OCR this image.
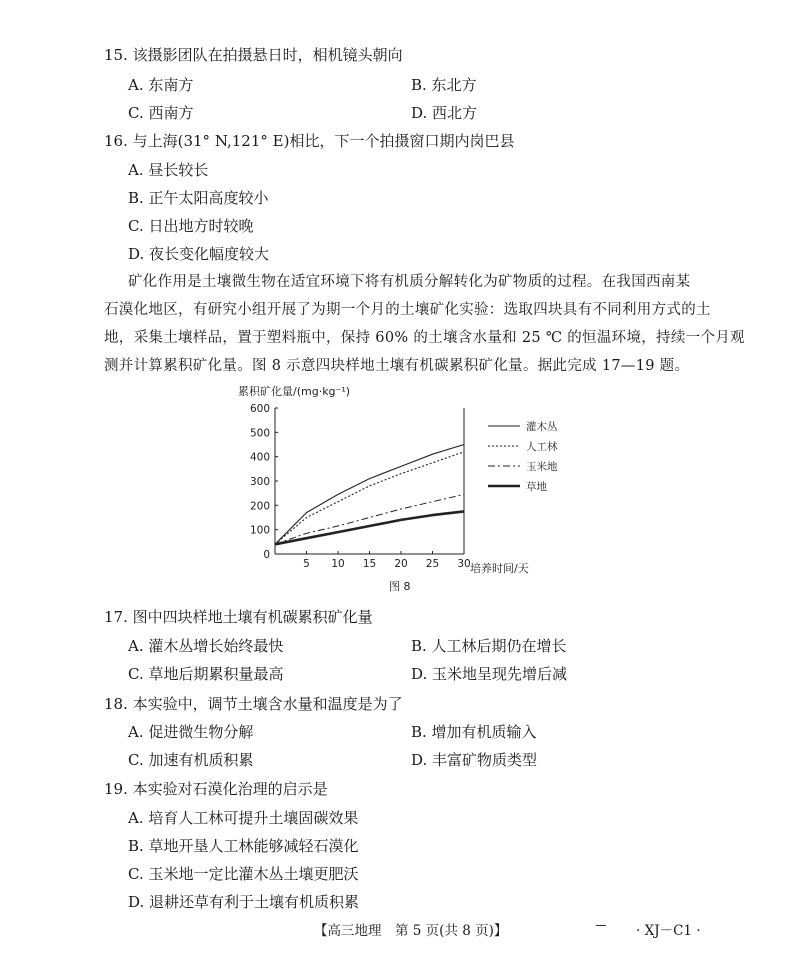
15. 该摄影团队在拍摄悬日时，相机镜头朝向
A. 东南方	B. 东北方
C. 西南方	D. 西北方
16. 与上海(31° N,121° E)相比，下一个拍摄窗口期内岗巴县
A. 昼长较长
B. 正午太阳高度较小
C. 日出地方时较晚
D. 夜长变化幅度较大
矿化作用是土壤微生物在适宜环境下将有机质分解转化为矿物质的过程。在我国西南某
石漠化地区，有研究小组开展了为期一个月的土壤矿化实验：选取四块具有不同利用方式的土
地，采集土壤样品，置于塑料瓶中，保持 60% 的土壤含水量和 25 ℃ 的恒温环境，持续一个月观
测并计算累积矿化量。图 8 示意四块样地土壤有机碳累积矿化量。据此完成 17—19 题。
累积矿化量/(mg·kg⁻¹)
0
100
200
300
400
500
600
5 10 15 20 25 30
灌木丛
人工林
玉米地
草地
培养时间/天
图 8
17. 图中四块样地土壤有机碳累积矿化量
A. 灌木丛增长始终最快	B. 人工林后期仍在增长
C. 草地后期累积量最高	D. 玉米地呈现先增后减
18. 本实验中，调节土壤含水量和温度是为了
A. 促进微生物分解	B. 增加有机质输入
C. 加速有机质积累	D. 丰富矿物质类型
19. 本实验对石漠化治理的启示是
A. 培育人工林可提升土壤固碳效果
B. 草地开垦人工林能够减轻石漠化
C. 玉米地一定比灌木丛土壤更肥沃
D. 退耕还草有利于土壤有机质积累
【高三地理　第 5 页(共 8 页)】	· XJ－C1 ·
